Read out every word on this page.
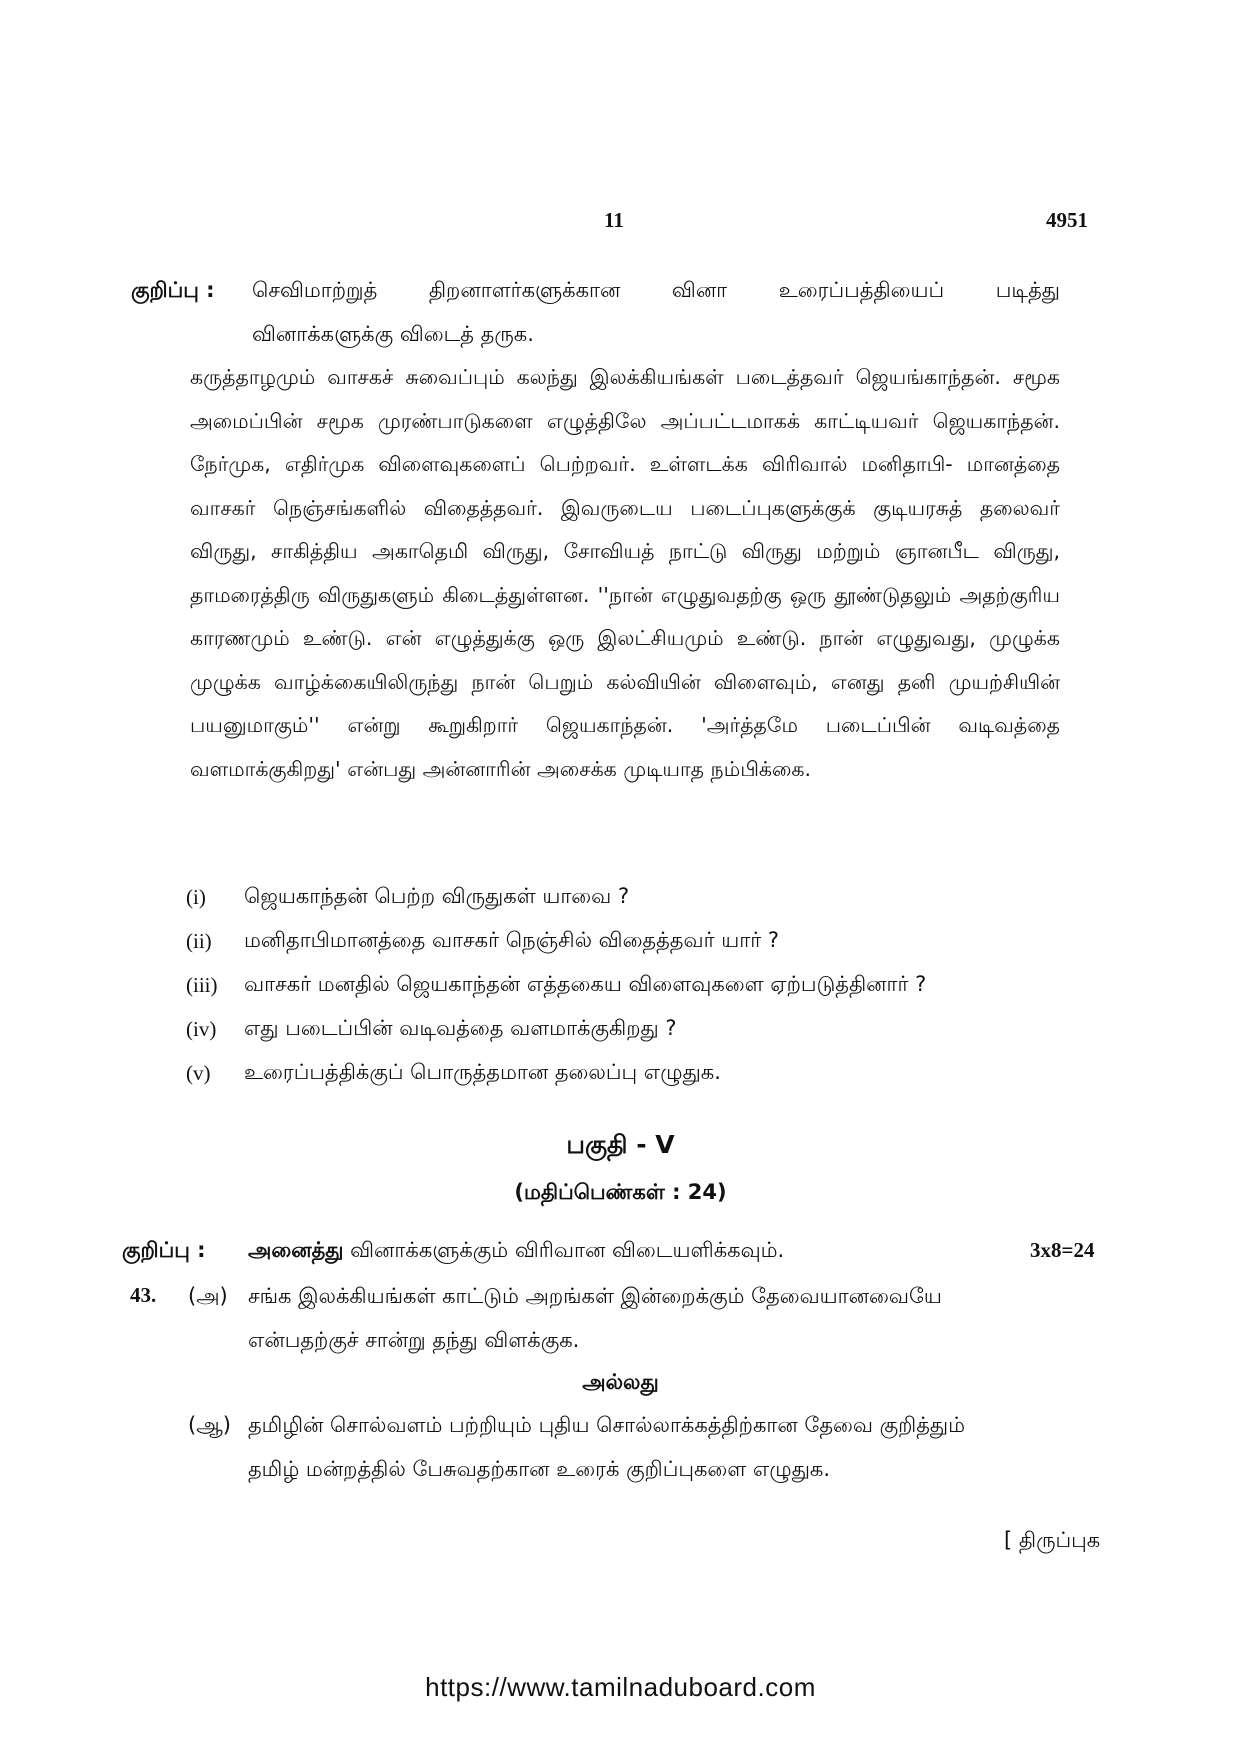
11	4951
குறிப்பு : செவிமாற்றுத் திறனாளர்களுக்கான வினா உரைப்பத்தியைப் படித்து
வினாக்களுக்கு விடைத் தருக.
கருத்தாழமும் வாசகச் சுவைப்பும் கலந்து இலக்கியங்கள் படைத்தவர் ஜெயங்காந்தன். சமூக அமைப்பின் சமூக முரண்பாடுகளை எழுத்திலே அப்பட்டமாகக் காட்டியவர் ஜெயகாந்தன். நேர்முக, எதிர்முக விளைவுகளைப் பெற்றவர். உள்ளடக்க விரிவால் மனிதாபி- மானத்தை வாசகர் நெஞ்சங்களில் விதைத்தவர். இவருடைய படைப்புகளுக்குக் குடியரசுத் தலைவர் விருது, சாகித்திய அகாதெமி விருது, சோவியத் நாட்டு விருது மற்றும் ஞானபீட விருது, தாமரைத்திரு விருதுகளும் கிடைத்துள்ளன. ''நான் எழுதுவதற்கு ஒரு தூண்டுதலும் அதற்குரிய காரணமும் உண்டு. என் எழுத்துக்கு ஒரு இலட்சியமும் உண்டு. நான் எழுதுவது, முழுக்க முழுக்க வாழ்க்கையிலிருந்து நான் பெறும் கல்வியின் விளைவும், எனது தனி முயற்சியின் பயனுமாகும்'' என்று கூறுகிறார் ஜெயகாந்தன். 'அர்த்தமே படைப்பின் வடிவத்தை வளமாக்குகிறது' என்பது அன்னாரின் அசைக்க முடியாத நம்பிக்கை.
(i)	ஜெயகாந்தன் பெற்ற விருதுகள் யாவை ?
(ii)	மனிதாபிமானத்தை வாசகர் நெஞ்சில் விதைத்தவர் யார் ?
(iii)	வாசகர் மனதில் ஜெயகாந்தன் எத்தகைய விளைவுகளை ஏற்படுத்தினார் ?
(iv)	எது படைப்பின் வடிவத்தை வளமாக்குகிறது ?
(v)	உரைப்பத்திக்குப் பொருத்தமான தலைப்பு எழுதுக.
பகுதி - V
(மதிப்பெண்கள் : 24)
குறிப்பு : அனைத்து வினாக்களுக்கும் விரிவான விடையளிக்கவும்.	3x8=24
43. (அ) சங்க இலக்கியங்கள் காட்டும் அறங்கள் இன்றைக்கும் தேவையானவையே
என்பதற்குச் சான்று தந்து விளக்குக.
அல்லது
(ஆ) தமிழின் சொல்வளம் பற்றியும் புதிய சொல்லாக்கத்திற்கான தேவை குறித்தும்
தமிழ் மன்றத்தில் பேசுவதற்கான உரைக் குறிப்புகளை எழுதுக.
[ திருப்புக
https://www.tamilnaduboard.com
